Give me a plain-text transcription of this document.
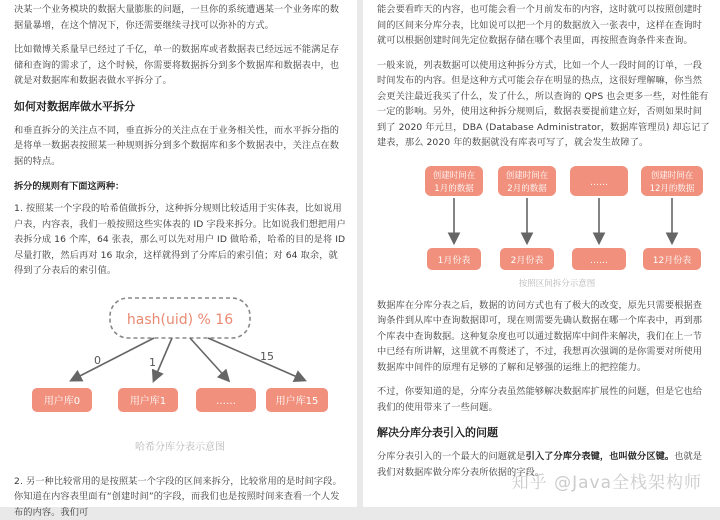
决某一个业务模块的数据大量膨胀的问题，一旦你的系统遭遇某一个业务库的数据量暴增，在这个情况下，你还需要继续寻找可以弥补的方式。

比如微博关系量早已经过了千亿，单一的数据库或者数据表已经远远不能满足存储和查询的需求了，这个时候，你需要将数据拆分到多个数据库和数据表中，也就是对数据库和数据表做水平拆分了。

如何对数据库做水平拆分

和垂直拆分的关注点不同，垂直拆分的关注点在于业务相关性，而水平拆分指的是将单一数据表按照某一种规则拆分到多个数据库和多个数据表中，关注点在数据的特点。

拆分的规则有下面这两种：

1. 按照某一个字段的哈希值做拆分，这种拆分规则比较适用于实体表，比如说用户表，内容表，我们一般按照这些实体表的 ID 字段来拆分。比如说我们想把用户表拆分成 16 个库，64 张表，那么可以先对用户 ID 做哈希，哈希的目的是将 ID 尽量打散，然后再对 16 取余，这样就得到了分库后的索引值；对 64 取余，就得到了分表后的索引值。

hash(uid) % 16
0	1	15
用户库0	用户库1	……	用户库15
哈希分库分表示意图

2. 另一种比较常用的是按照某一个字段的区间来拆分，比较常用的是时间字段。你知道在内容表里面有“创建时间”的字段，而我们也是按照时间来查看一个人发布的内容。我们可

能会要看昨天的内容，也可能会看一个月前发布的内容，这时就可以按照创建时间的区间来分库分表，比如说可以把一个月的数据放入一张表中，这样在查询时就可以根据创建时间先定位数据存储在哪个表里面，再按照查询条件来查询。

一般来说，列表数据可以使用这种拆分方式，比如一个人一段时间的订单，一段时间发布的内容。但是这种方式可能会存在明显的热点，这很好理解嘛，你当然会更关注最近我买了什么，发了什么，所以查询的 QPS 也会更多一些，对性能有一定的影响。另外，使用这种拆分规则后，数据表要提前建立好，否则如果时间到了 2020 年元旦，DBA (Database Administrator，数据库管理员) 却忘记了建表，那么 2020 年的数据就没有库表可写了，就会发生故障了。

创建时间在
1月的数据
创建时间在
2月的数据
……
创建时间在
12月的数据
1月份表	2月份表	……	12月份表
按照区间拆分示意图

数据库在分库分表之后，数据的访问方式也有了极大的改变，原先只需要根据查询条件到从库中查询数据即可，现在则需要先确认数据在哪一个库表中，再到那个库表中查询数据。这种复杂度也可以通过数据库中间件来解决，我们在上一节中已经有所讲解，这里就不再赘述了，不过，我想再次强调的是你需要对所使用数据库中间件的原理有足够的了解和足够强的运维上的把控能力。

不过，你要知道的是，分库分表虽然能够解决数据库扩展性的问题，但是它也给我们的使用带来了一些问题。

解决分库分表引入的问题

分库分表引入的一个最大的问题就是引入了分库分表键，也叫做分区键。也就是我们对数据库做分库分表所依据的字段。

知乎 @Java全栈架构师
